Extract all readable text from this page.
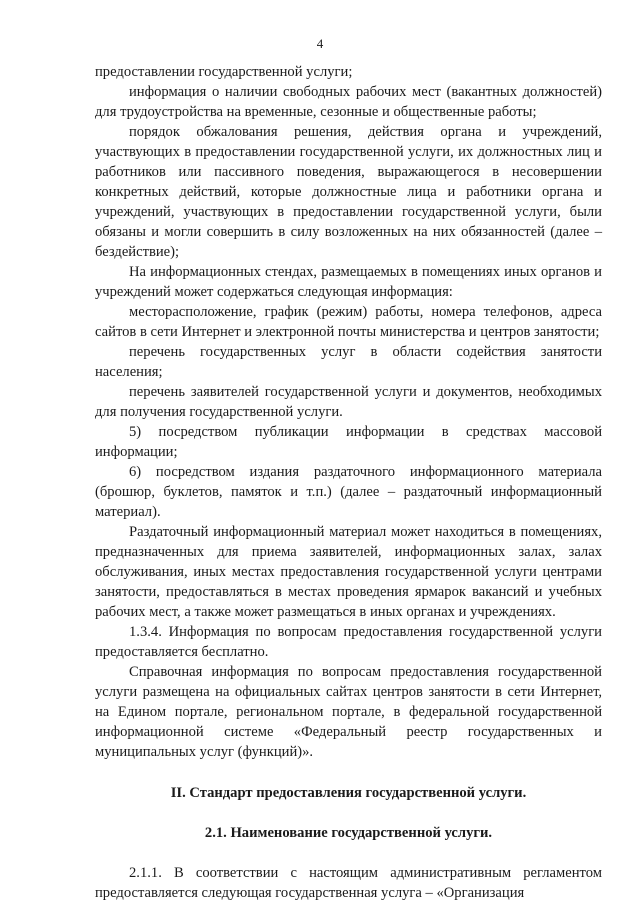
4

предоставлении государственной услуги;

информация о наличии свободных рабочих мест (вакантных должностей) для трудоустройства на временные, сезонные и общественные работы;

порядок обжалования решения, действия органа и учреждений, участвующих в предоставлении государственной услуги, их должностных лиц и работников или пассивного поведения, выражающегося в несовершении конкретных действий, которые должностные лица и работники органа и учреждений, участвующих в предоставлении государственной услуги, были обязаны и могли совершить в силу возложенных на них обязанностей (далее – бездействие);

На информационных стендах, размещаемых в помещениях иных органов и учреждений может содержаться следующая информация:

месторасположение, график (режим) работы, номера телефонов, адреса сайтов в сети Интернет и электронной почты министерства и центров занятости;

перечень государственных услуг в области содействия занятости населения;

перечень заявителей государственной услуги и документов, необходимых для получения государственной услуги.

5) посредством публикации информации в средствах массовой информации;

6) посредством издания раздаточного информационного материала (брошюр, буклетов, памяток и т.п.) (далее – раздаточный информационный материал).

Раздаточный информационный материал может находиться в помещениях, предназначенных для приема заявителей, информационных залах, залах обслуживания, иных местах предоставления государственной услуги центрами занятости, предоставляться в местах проведения ярмарок вакансий и учебных рабочих мест, а также может размещаться в иных органах и учреждениях.

1.3.4. Информация по вопросам предоставления государственной услуги предоставляется бесплатно.

Справочная информация по вопросам предоставления государственной услуги размещена на официальных сайтах центров занятости в сети Интернет, на Едином портале, региональном портале, в федеральной государственной информационной системе «Федеральный реестр государственных и муниципальных услуг (функций)».

II. Стандарт предоставления государственной услуги.

2.1. Наименование государственной услуги.

2.1.1. В соответствии с настоящим административным регламентом предоставляется следующая государственная услуга – «Организация
